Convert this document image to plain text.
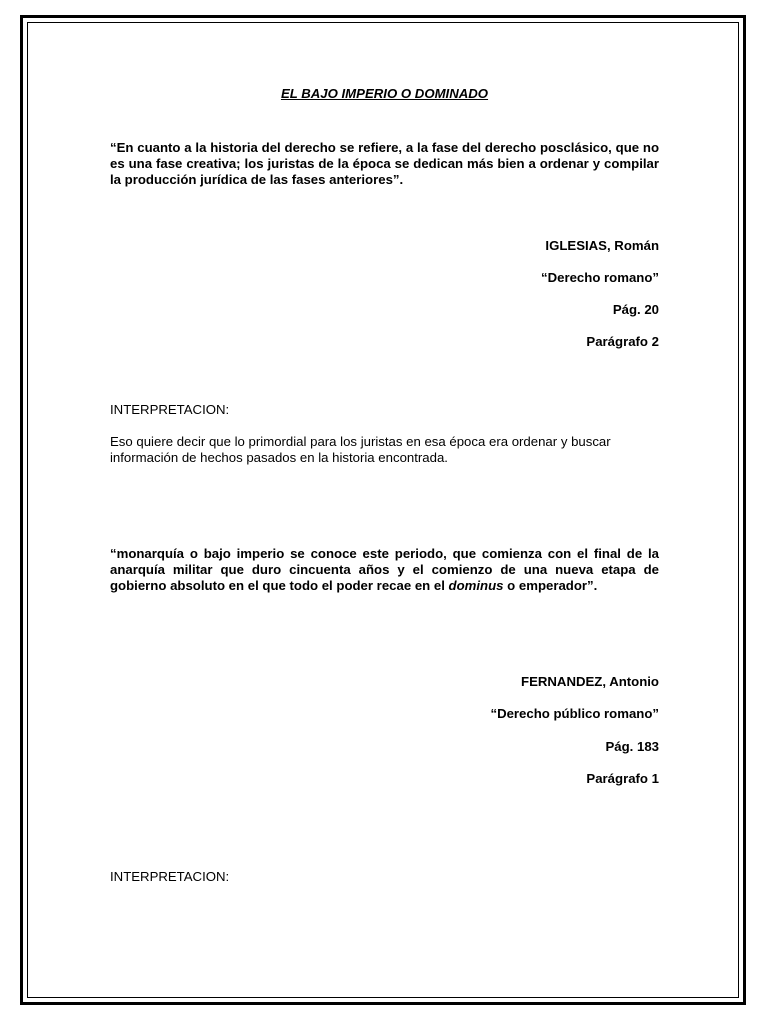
EL BAJO IMPERIO O DOMINADO

“En cuanto a la historia del derecho se refiere, a la fase del derecho posclásico, que no es una fase creativa; los juristas de la época se dedican más bien a ordenar y compilar la producción jurídica de las fases anteriores”.

IGLESIAS, Román

“Derecho romano”

Pág. 20

Parágrafo 2

INTERPRETACION:

Eso quiere decir que lo primordial para los juristas en esa época era ordenar y buscar información de hechos pasados en la historia encontrada.

“monarquía o bajo imperio se conoce este periodo, que comienza con el final de la anarquía militar que duro cincuenta años y el comienzo de una nueva etapa de gobierno absoluto en el que todo el poder recae en el dominus o emperador”.

FERNANDEZ, Antonio

“Derecho público romano”

Pág. 183

Parágrafo 1

INTERPRETACION:
